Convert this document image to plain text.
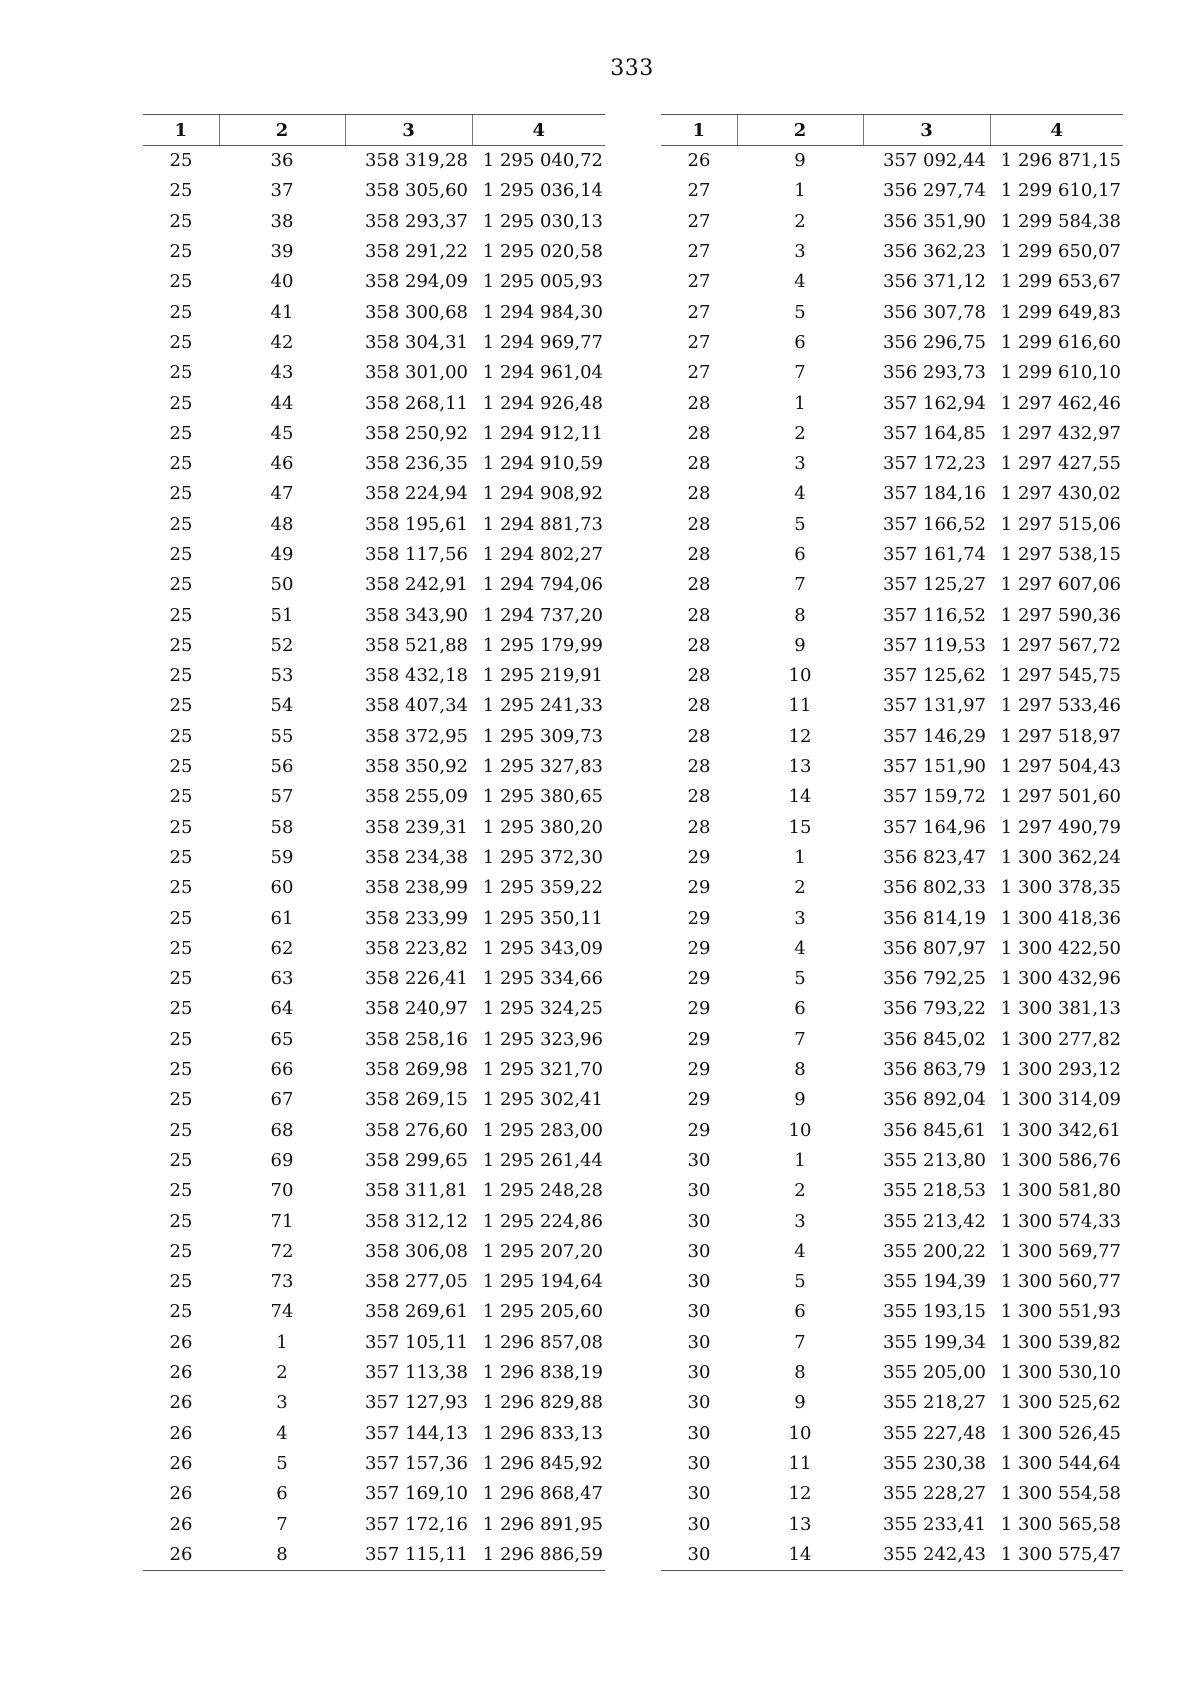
333
1	2	3	4
25	36	358 319,28	1 295 040,72
25	37	358 305,60	1 295 036,14
25	38	358 293,37	1 295 030,13
25	39	358 291,22	1 295 020,58
25	40	358 294,09	1 295 005,93
25	41	358 300,68	1 294 984,30
25	42	358 304,31	1 294 969,77
25	43	358 301,00	1 294 961,04
25	44	358 268,11	1 294 926,48
25	45	358 250,92	1 294 912,11
25	46	358 236,35	1 294 910,59
25	47	358 224,94	1 294 908,92
25	48	358 195,61	1 294 881,73
25	49	358 117,56	1 294 802,27
25	50	358 242,91	1 294 794,06
25	51	358 343,90	1 294 737,20
25	52	358 521,88	1 295 179,99
25	53	358 432,18	1 295 219,91
25	54	358 407,34	1 295 241,33
25	55	358 372,95	1 295 309,73
25	56	358 350,92	1 295 327,83
25	57	358 255,09	1 295 380,65
25	58	358 239,31	1 295 380,20
25	59	358 234,38	1 295 372,30
25	60	358 238,99	1 295 359,22
25	61	358 233,99	1 295 350,11
25	62	358 223,82	1 295 343,09
25	63	358 226,41	1 295 334,66
25	64	358 240,97	1 295 324,25
25	65	358 258,16	1 295 323,96
25	66	358 269,98	1 295 321,70
25	67	358 269,15	1 295 302,41
25	68	358 276,60	1 295 283,00
25	69	358 299,65	1 295 261,44
25	70	358 311,81	1 295 248,28
25	71	358 312,12	1 295 224,86
25	72	358 306,08	1 295 207,20
25	73	358 277,05	1 295 194,64
25	74	358 269,61	1 295 205,60
26	1	357 105,11	1 296 857,08
26	2	357 113,38	1 296 838,19
26	3	357 127,93	1 296 829,88
26	4	357 144,13	1 296 833,13
26	5	357 157,36	1 296 845,92
26	6	357 169,10	1 296 868,47
26	7	357 172,16	1 296 891,95
26	8	357 115,11	1 296 886,59
1	2	3	4
26	9	357 092,44	1 296 871,15
27	1	356 297,74	1 299 610,17
27	2	356 351,90	1 299 584,38
27	3	356 362,23	1 299 650,07
27	4	356 371,12	1 299 653,67
27	5	356 307,78	1 299 649,83
27	6	356 296,75	1 299 616,60
27	7	356 293,73	1 299 610,10
28	1	357 162,94	1 297 462,46
28	2	357 164,85	1 297 432,97
28	3	357 172,23	1 297 427,55
28	4	357 184,16	1 297 430,02
28	5	357 166,52	1 297 515,06
28	6	357 161,74	1 297 538,15
28	7	357 125,27	1 297 607,06
28	8	357 116,52	1 297 590,36
28	9	357 119,53	1 297 567,72
28	10	357 125,62	1 297 545,75
28	11	357 131,97	1 297 533,46
28	12	357 146,29	1 297 518,97
28	13	357 151,90	1 297 504,43
28	14	357 159,72	1 297 501,60
28	15	357 164,96	1 297 490,79
29	1	356 823,47	1 300 362,24
29	2	356 802,33	1 300 378,35
29	3	356 814,19	1 300 418,36
29	4	356 807,97	1 300 422,50
29	5	356 792,25	1 300 432,96
29	6	356 793,22	1 300 381,13
29	7	356 845,02	1 300 277,82
29	8	356 863,79	1 300 293,12
29	9	356 892,04	1 300 314,09
29	10	356 845,61	1 300 342,61
30	1	355 213,80	1 300 586,76
30	2	355 218,53	1 300 581,80
30	3	355 213,42	1 300 574,33
30	4	355 200,22	1 300 569,77
30	5	355 194,39	1 300 560,77
30	6	355 193,15	1 300 551,93
30	7	355 199,34	1 300 539,82
30	8	355 205,00	1 300 530,10
30	9	355 218,27	1 300 525,62
30	10	355 227,48	1 300 526,45
30	11	355 230,38	1 300 544,64
30	12	355 228,27	1 300 554,58
30	13	355 233,41	1 300 565,58
30	14	355 242,43	1 300 575,47
